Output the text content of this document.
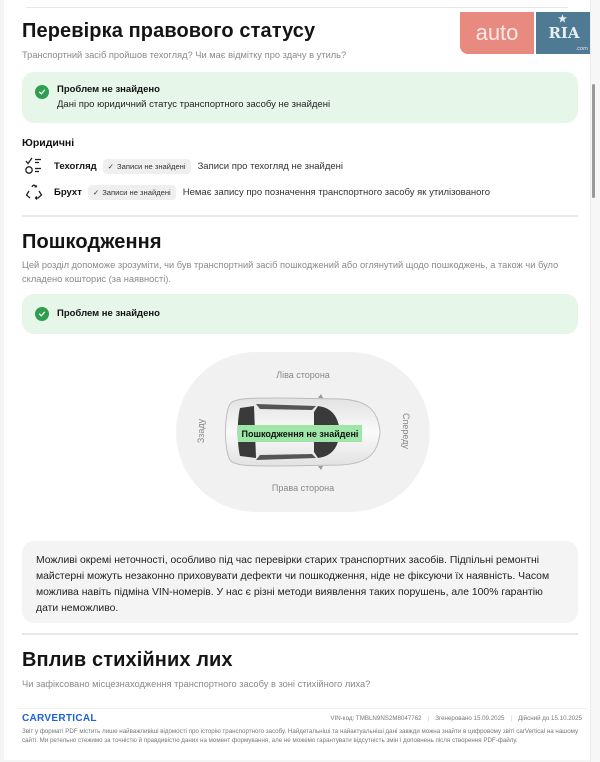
Перевірка правового статусу
Транспортний засіб пройшов техогляд? Чи має відмітку про здачу в утиль?
Проблем не знайдено
Дані про юридичний статус транспортного засобу не знайдені
Юридичні
Техогляд	✓ Записи не знайдені	Записи про техогляд не знайдені
Брухт	✓ Записи не знайдені	Немає запису про позначення транспортного засобу як утилізованого
Пошкодження
Цей розділ допоможе зрозуміти, чи був транспортний засіб пошкоджений або оглянутий щодо пошкоджень, а також чи було складено кошторис (за наявності).
Проблем не знайдено
Ліва сторона
Права сторона
Ззаду	Спереду
Пошкодження не знайдені
Можливі окремі неточності, особливо під час перевірки старих транспортних засобів. Підпільні ремонтні майстерні можуть незаконно приховувати дефекти чи пошкодження, ніде не фіксуючи їх наявність. Часом можлива навіть підміна VIN-номерів. У нас є різні методи виявлення таких порушень, але 100% гарантію дати неможливо.
Вплив стихійних лих
Чи зафіксовано місцезнаходження транспортного засобу в зоні стихійного лиха?
auto
★
RIA
.com
CARVERTICAL	VIN-код: TMBLN9NS2M8047762 | Згенеровано 15.09.2025 | Дійсний до 15.10.2025
Звіт у форматі PDF містить лише найважливіші відомості про історію транспортного засобу. Найдетальніші та найактуальніші дані завжди можна знайти в цифровому звіті carVertical на нашому сайті. Ми ретельно стежимо за точністю й правдивістю даних на момент формування, але не можемо гарантувати відсутність змін і доповнень після створення PDF-файлу.
